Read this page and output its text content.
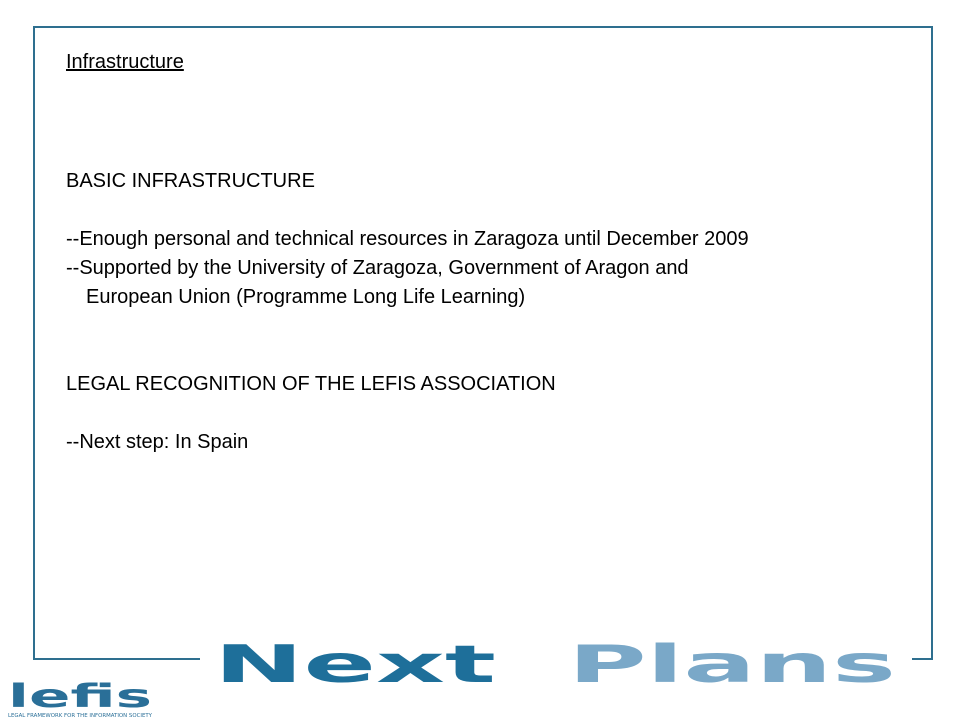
Infrastructure

BASIC INFRASTRUCTURE

--Enough personal and technical resources in Zaragoza until December 2009

--Supported by the University of Zaragoza, Government of Aragon and

European Union (Programme Long Life Learning)

LEGAL RECOGNITION OF THE LEFIS ASSOCIATION

--Next step: In Spain

Next Plans
lefis
LEGAL FRAMEWORK FOR THE INFORMATION SOCIETY
